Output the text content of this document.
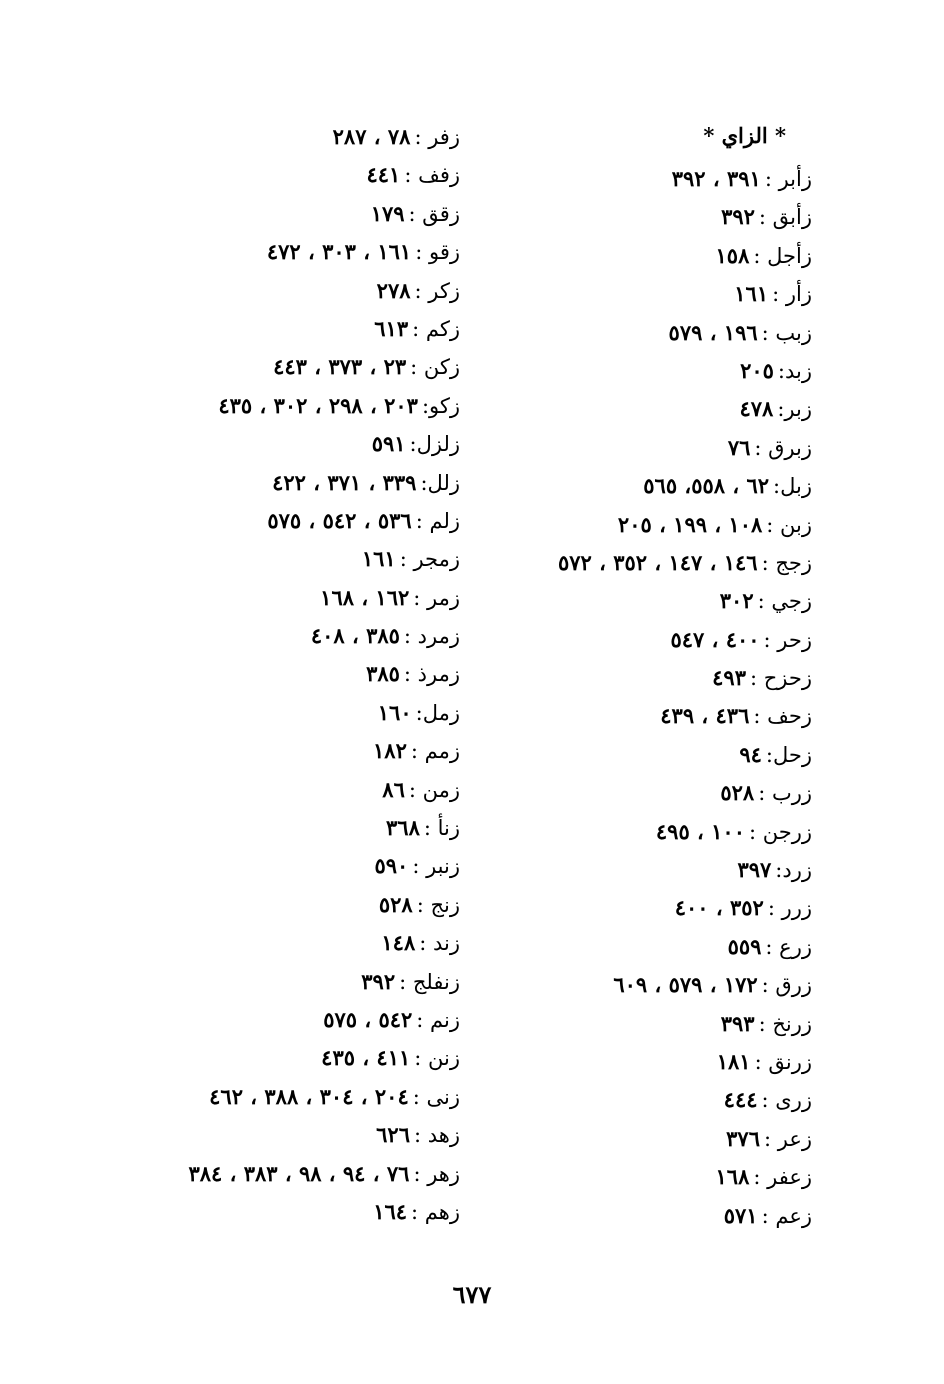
* الزاي *
زأبر :٣٩١ ، ٣٩٢
زأبق :٣٩٢
زأجل :١٥٨
زأر :١٦١
زبب :١٩٦ ، ٥٧٩
زبد:٢٠٥
زبر:٤٧٨
زبرق :٧٦
زبل:٦٢ ، ٥٥٨، ٥٦٥
زبن :١٠٨ ، ١٩٩ ، ٢٠٥
زجج :١٤٦ ، ١٤٧ ، ٣٥٢ ، ٥٧٢
زجي :٣٠٢
زحر :٤٠٠ ، ٥٤٧
زحزح :٤٩٣
زحف :٤٣٦ ، ٤٣٩
زحل:٩٤
زرب :٥٢٨
زرجن :١٠٠ ، ٤٩٥
زرد:٣٩٧
زرر :٣٥٢ ، ٤٠٠
زرع :٥٥٩
زرق :١٧٢ ، ٥٧٩ ، ٦٠٩
زرنخ :٣٩٣
زرنق :١٨١
زرى :٤٤٤
زعر :٣٧٦
زعفر :١٦٨
زعم :٥٧١
زفر :٧٨ ، ٢٨٧
زفف :٤٤١
زقق :١٧٩
زقو :١٦١ ، ٣٠٣ ، ٤٧٢
زكر :٢٧٨
زكم :٦١٣
زكن :٢٣ ، ٣٧٣ ، ٤٤٣
زكو:٢٠٣ ، ٢٩٨ ، ٣٠٢ ، ٤٣٥
زلزل:٥٩١
زلل:٣٣٩ ، ٣٧١ ، ٤٢٢
زلم :٥٣٦ ، ٥٤٢ ، ٥٧٥
زمجر :١٦١
زمر :١٦٢ ، ١٦٨
زمرد :٣٨٥ ، ٤٠٨
زمرذ :٣٨٥
زمل:١٦٠
زمم :١٨٢
زمن :٨٦
زنأ :٣٦٨
زنبر :٥٩٠
زنج :٥٢٨
زند :١٤٨
زنفلج :٣٩٢
زنم :٥٤٢ ، ٥٧٥
زنن :٤١١ ، ٤٣٥
زنى :٢٠٤ ، ٣٠٤ ، ٣٨٨ ، ٤٦٢
زهد :٦٢٦
زهر :٧٦ ، ٩٤ ، ٩٨ ، ٣٨٣ ، ٣٨٤
زهم :١٦٤
٦٧٧
